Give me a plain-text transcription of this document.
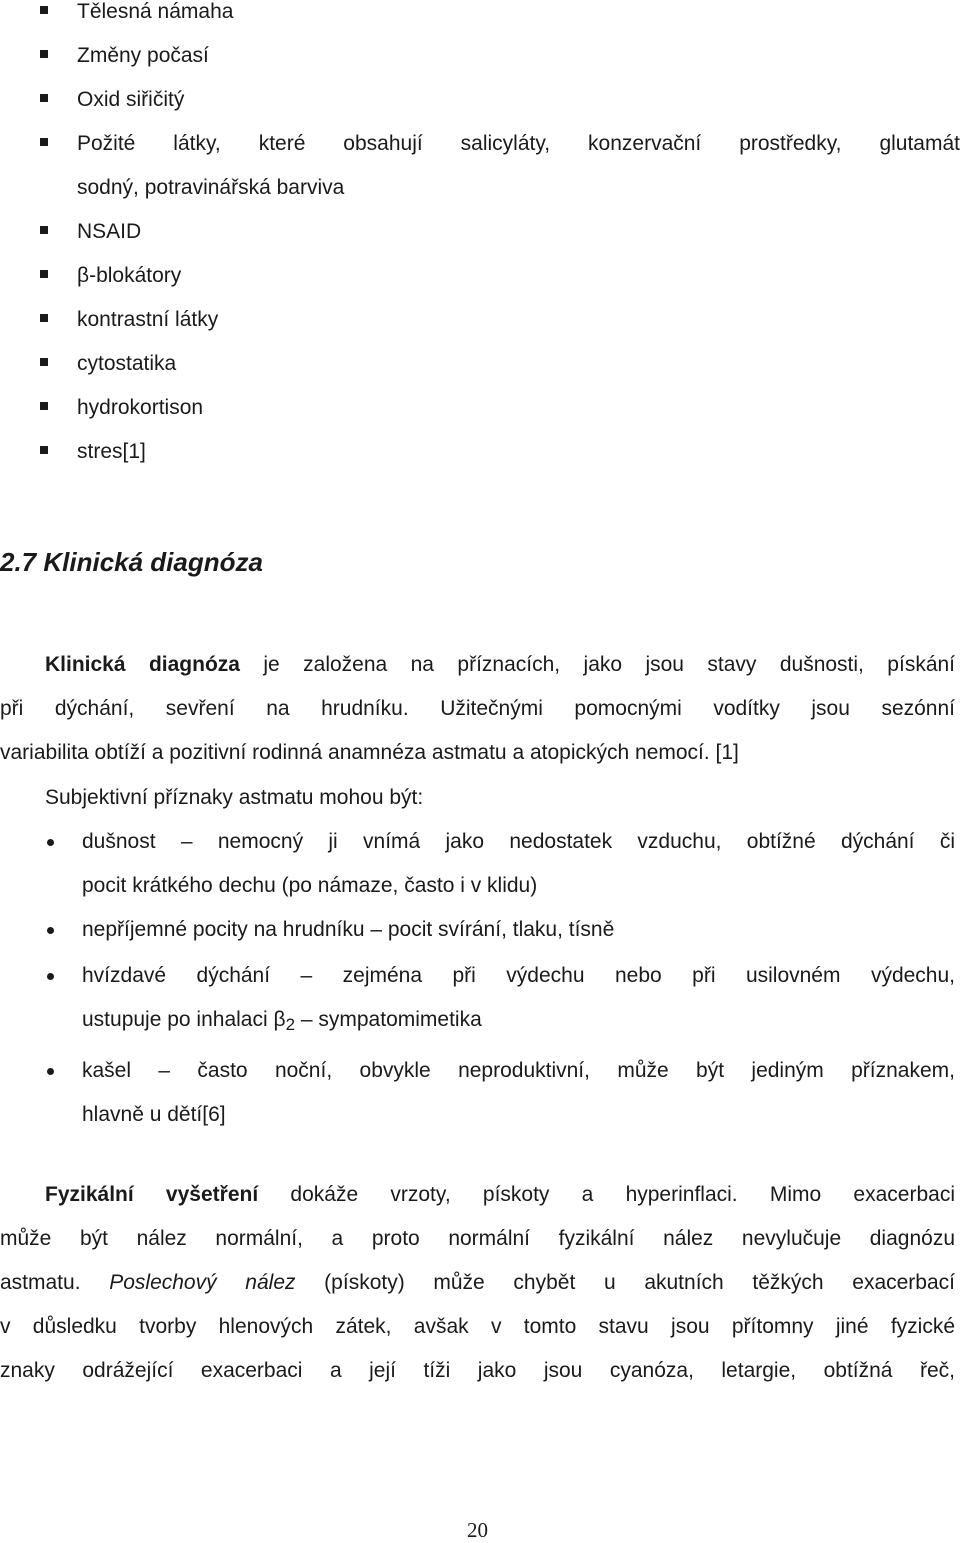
Tělesná námaha
Změny počasí
Oxid siřičitý
Požité látky, které obsahují salicyláty, konzervační prostředky, glutamát
sodný, potravinářská barviva
NSAID
β-blokátory
kontrastní látky
cytostatika
hydrokortison
stres[1]
2.7 Klinická diagnóza

Klinická diagnóza je založena na příznacích, jako jsou stavy dušnosti, pískání
při dýchání, sevření na hrudníku. Užitečnými pomocnými vodítky jsou sezónní
variabilita obtíží a pozitivní rodinná anamnéza astmatu a atopických nemocí. [1]

Subjektivní příznaky astmatu mohou být:

dušnost – nemocný ji vnímá jako nedostatek vzduchu, obtížné dýchání či
pocit krátkého dechu (po námaze, často i v klidu)
nepříjemné pocity na hrudníku – pocit svírání, tlaku, tísně
hvízdavé dýchání – zejména při výdechu nebo při usilovném výdechu,
ustupuje po inhalaci $\beta_2$ – sympatomimetika
kašel – často noční, obvykle neproduktivní, může být jediným příznakem,
hlavně u dětí[6]

Fyzikální vyšetření dokáže vrzoty, pískoty a hyperinflaci. Mimo exacerbaci
může být nález normální, a proto normální fyzikální nález nevylučuje diagnózu
astmatu. Poslechový nález (pískoty) může chybět u akutních těžkých exacerbací
v důsledku tvorby hlenových zátek, avšak v tomto stavu jsou přítomny jiné fyzické
znaky odrážející exacerbaci a její tíži jako jsou cyanóza, letargie, obtížná řeč,

20
